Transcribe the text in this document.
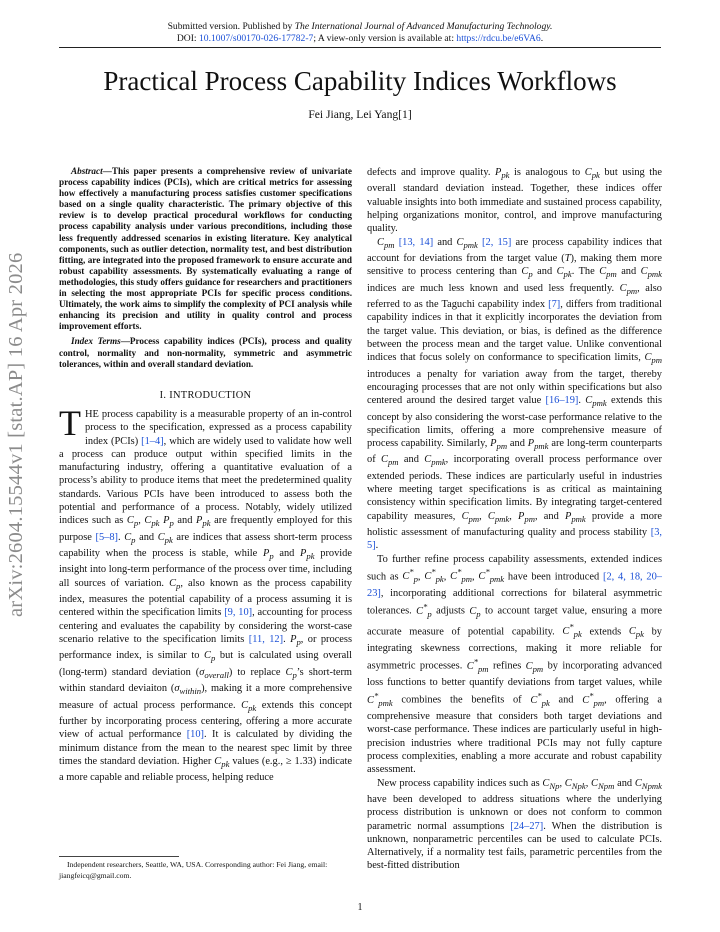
Submitted version. Published by The International Journal of Advanced Manufacturing Technology.
DOI: 10.1007/s00170-026-17782-7; A view-only version is available at: https://rdcu.be/e6VA6.
arXiv:2604.15544v1 [stat.AP] 16 Apr 2026
Practical Process Capability Indices Workflows
Fei Jiang, Lei Yang[1]

Abstract—This paper presents a comprehensive review of univariate process capability indices (PCIs), which are critical metrics for assessing how effectively a manufacturing process satisfies customer specifications based on a single quality characteristic. The primary objective of this review is to develop practical procedural workflows for conducting process capability analysis under various preconditions, including those less frequently addressed scenarios in existing literature. Key analytical components, such as outlier detection, normality test, and best distribution fitting, are integrated into the proposed framework to ensure accurate and robust capability assessments. By systematically evaluating a range of methodologies, this study offers guidance for researchers and practitioners in selecting the most appropriate PCIs for specific process conditions. Ultimately, the work aims to simplify the complexity of PCI analysis while enhancing its precision and utility in quality control and process improvement efforts.

Index Terms—Process capability indices (PCIs), process and quality control, normality and non-normality, symmetric and asymmetric tolerances, within and overall standard deviation.

I. INTRODUCTION

THE process capability is a measurable property of an in-control process to the specification, expressed as a process capability index (PCIs) [1–4], which are widely used to validate how well a process can produce output within specified limits in the manufacturing industry, offering a quantitative evaluation of a process’s ability to produce items that meet the predetermined quality standards. Various PCIs have been introduced to assess both the potential and performance of a process. Notably, widely utilized indices such as $C_p$, $C_{pk}$ $P_p$ and $P_{pk}$ are frequently employed for this purpose [5–8]. $C_p$ and $C_{pk}$ are indices that assess short-term process capability when the process is stable, while $P_p$ and $P_{pk}$ provide insight into long-term performance of the process over time, including all sources of variation. $C_p$, also known as the process capability index, measures the potential capability of a process assuming it is centered within the specification limits [9, 10], accounting for process centering and evaluates the capability by considering the worst-case scenario relative to the specification limits [11, 12]. $P_p$, or process performance index, is similar to $C_p$ but is calculated using overall (long-term) standard deviation $(\sigma_{overall})$ to replace $C_p’s$ short-term within standard deviaiton $(\sigma_{within})$, making it a more comprehensive measure of actual process performance. $C_{pk}$ extends this concept further by incorporating process centering, offering a more accurate view of actual performance [10]. It is calculated by dividing the minimum distance from the mean to the nearest spec limit by three times the standard deviation. Higher $C_{pk}$ values (e.g., ≥ 1.33) indicate a more capable and reliable process, helping reduce

defects and improve quality. $P_{pk}$ is analogous to $C_{pk}$ but using the overall standard deviation instead. Together, these indices offer valuable insights into both immediate and sustained process capability, helping organizations monitor, control, and improve manufacturing quality.

$C_{pm}$ [13, 14] and $C_{pmk}$ [2, 15] are process capability indices that account for deviations from the target value (T), making them more sensitive to process centering than $C_p$ and $C_{pk}$. The $C_{pm}$ and $C_{pmk}$ indices are much less known and used less frequently. $C_{pm}$, also referred to as the Taguchi capability index [7], differs from traditional capability indices in that it explicitly incorporates the deviation from the target value. This deviation, or bias, is defined as the difference between the process mean and the target value. Unlike conventional indices that focus solely on conformance to specification limits, $C_{pm}$ introduces a penalty for variation away from the target, thereby encouraging processes that are not only within specifications but also centered around the desired target value [16–19]. $C_{pmk}$ extends this concept by also considering the worst-case performance relative to the specification limits, offering a more comprehensive measure of process capability. Similarly, $P_{pm}$ and $P_{pmk}$ are long-term counterparts of $C_{pm}$ and $C_{pmk}$, incorporating overall process performance over extended periods. These indices are particularly useful in industries where meeting target specifications is as critical as maintaining consistency within specification limits. By integrating target-centered capability measures, $C_{pm}$, $C_{pmk}$, $P_{pm}$, and $P_{pmk}$ provide a more holistic assessment of manufacturing quality and process stability [3, 5].

To further refine process capability assessments, extended indices such as $C^*_p$, $C^*_{pk}$, $C^*_{pm}$, $C^*_{pmk}$ have been introduced [2, 4, 18, 20–23], incorporating additional corrections for bilateral asymmetric tolerances. $C^*_p$ adjusts $C_p$ to account target value, ensuring a more accurate measure of potential capability. $C^*_{pk}$ extends $C_{pk}$ by integrating skewness corrections, making it more reliable for asymmetric processes. $C^*_{pm}$ refines $C_{pm}$ by incorporating advanced loss functions to better quantify deviations from target values, while $C^*_{pmk}$ combines the benefits of $C^*_{pk}$ and $C^*_{pm}$, offering a comprehensive measure that considers both target deviations and worst-case performance. These indices are particularly useful in high-precision industries where traditional PCIs may not fully capture process complexities, enabling a more accurate and robust capability assessment.

New process capability indices such as $C_{Np}$, $C_{Npk}$, $C_{Npm}$ and $C_{Npmk}$ have been developed to address situations where the underlying process distribution is unknown or does not conform to common parametric normal assumptions [24–27]. When the distribution is unknown, nonparametric percentiles can be used to calculate PCIs. Alternatively, if a normality test fails, parametric percentiles from the best-fitted distribution

Independent researchers, Seattle, WA, USA. Corresponding author: Fei Jiang, email: jiangfeicq@gmail.com.
1
